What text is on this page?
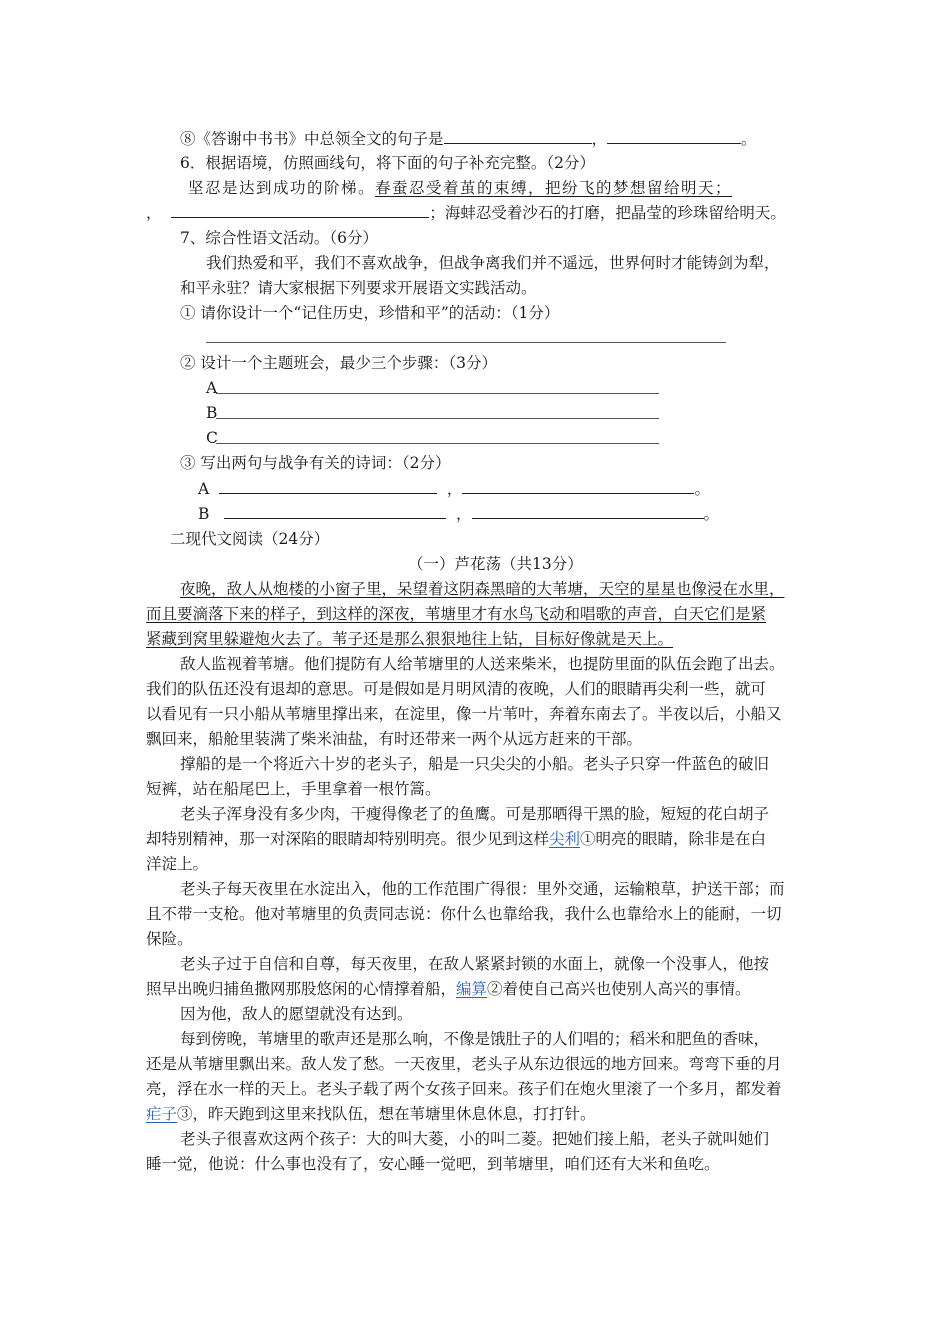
⑧《答谢中书书》中总领全文的句子是	，	。
6．根据语境，仿照画线句，将下面的句子补充完整。（2分）
坚忍是达到成功的阶梯。春蚕忍受着茧的束缚，把纷飞的梦想留给明天；
，	；海蚌忍受着沙石的打磨，把晶莹的珍珠留给明天。
7、综合性语文活动。（6分）
我们热爱和平，我们不喜欢战争，但战争离我们并不遥远，世界何时才能铸剑为犁，
和平永驻？请大家根据下列要求开展语文实践活动。
① 请你设计一个“记住历史，珍惜和平”的活动：（1分）
② 设计一个主题班会，最少三个步骤：（3分）
A
B
C
③ 写出两句与战争有关的诗词：（2分）
A	，	。
B	，	。
二现代文阅读（24分）
（一）芦花荡（共13分）
夜晚，敌人从炮楼的小窗子里，呆望着这阴森黑暗的大苇塘，天空的星星也像浸在水里，
而且要滴落下来的样子，到这样的深夜，苇塘里才有水鸟飞动和唱歌的声音，白天它们是紧
紧藏到窝里躲避炮火去了。苇子还是那么狠狠地往上钻，目标好像就是天上。
敌人监视着苇塘。他们提防有人给苇塘里的人送来柴米，也提防里面的队伍会跑了出去。
我们的队伍还没有退却的意思。可是假如是月明风清的夜晚，人们的眼睛再尖利一些，就可
以看见有一只小船从苇塘里撑出来，在淀里，像一片苇叶，奔着东南去了。半夜以后，小船又
飘回来，船舱里装满了柴米油盐，有时还带来一两个从远方赶来的干部。
撑船的是一个将近六十岁的老头子，船是一只尖尖的小船。老头子只穿一件蓝色的破旧
短裤，站在船尾巴上，手里拿着一根竹篙。
老头子浑身没有多少肉，干瘦得像老了的鱼鹰。可是那晒得干黑的脸，短短的花白胡子
却特别精神，那一对深陷的眼睛却特别明亮。很少见到这样尖利①明亮的眼睛，除非是在白
洋淀上。
老头子每天夜里在水淀出入，他的工作范围广得很：里外交通，运输粮草，护送干部；而
且不带一支枪。他对苇塘里的负责同志说：你什么也靠给我，我什么也靠给水上的能耐，一切
保险。
老头子过于自信和自尊，每天夜里，在敌人紧紧封锁的水面上，就像一个没事人，他按
照早出晚归捕鱼撒网那股悠闲的心情撑着船，编算②着使自己高兴也使别人高兴的事情。
因为他，敌人的愿望就没有达到。
每到傍晚，苇塘里的歌声还是那么响，不像是饿肚子的人们唱的；稻米和肥鱼的香味，
还是从苇塘里飘出来。敌人发了愁。一天夜里，老头子从东边很远的地方回来。弯弯下垂的月
亮，浮在水一样的天上。老头子载了两个女孩子回来。孩子们在炮火里滚了一个多月，都发着
疟子③，昨天跑到这里来找队伍，想在苇塘里休息休息，打打针。
老头子很喜欢这两个孩子：大的叫大菱，小的叫二菱。把她们接上船，老头子就叫她们
睡一觉，他说：什么事也没有了，安心睡一觉吧，到苇塘里，咱们还有大米和鱼吃。
